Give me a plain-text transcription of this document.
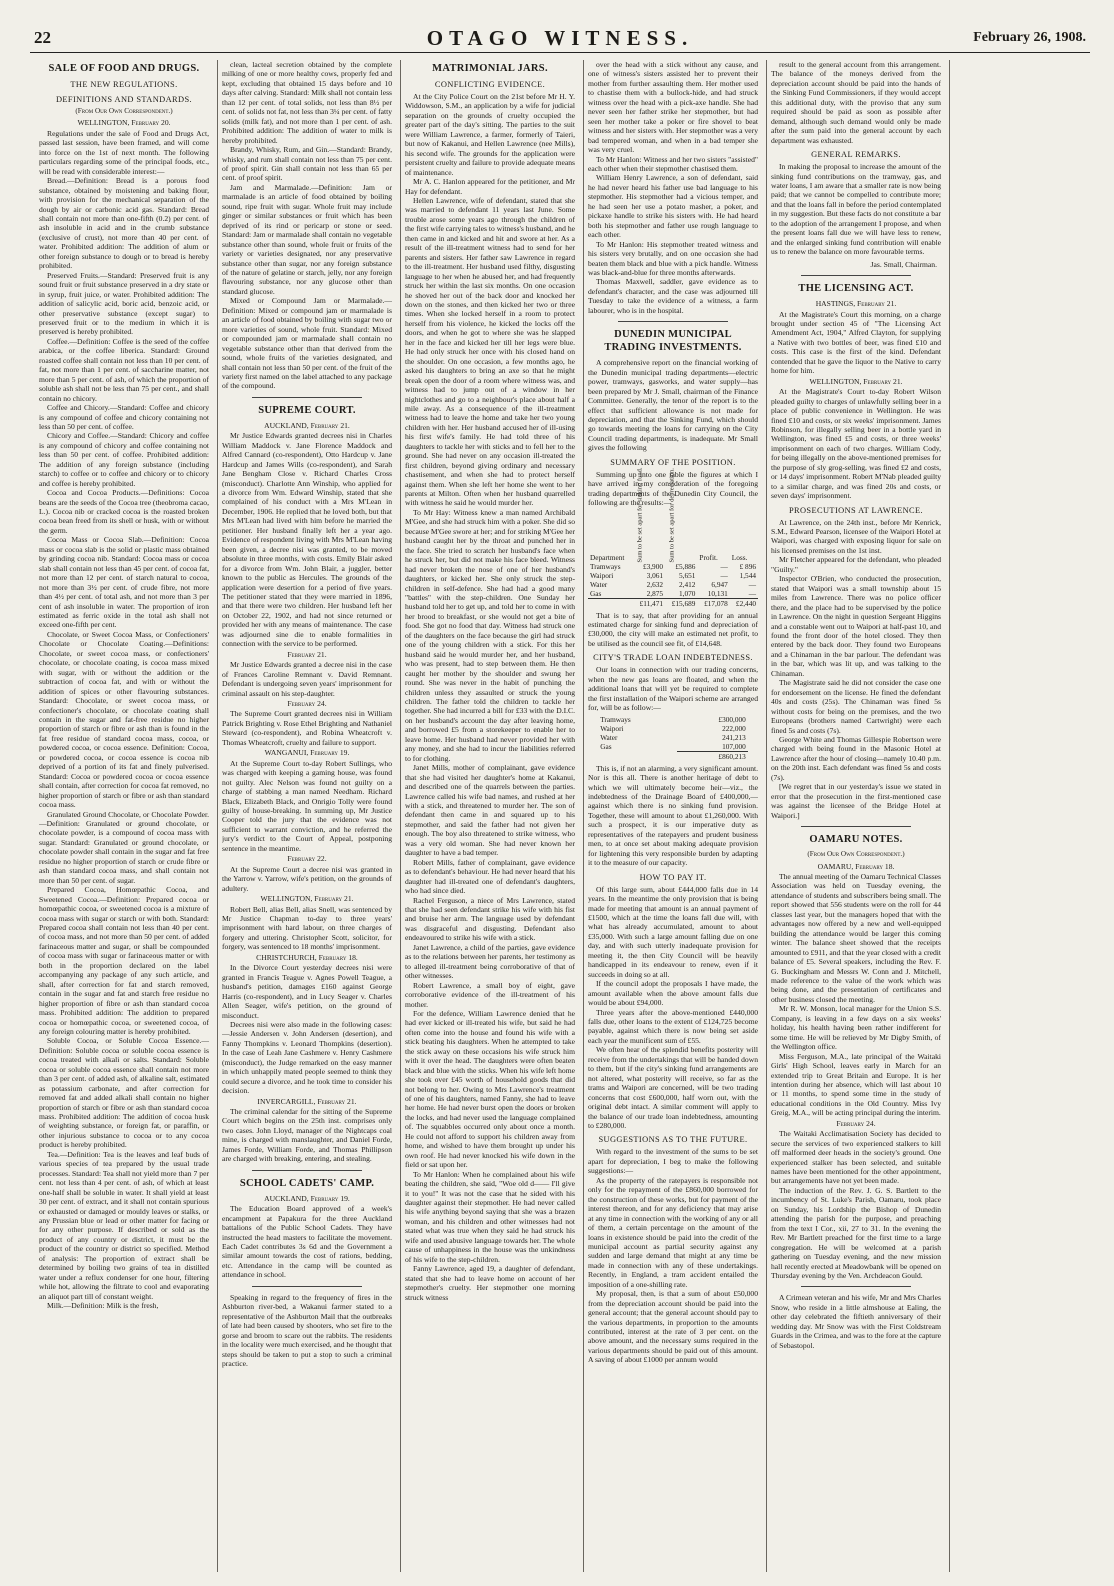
22	OTAGO WITNESS.	February 26, 1908.
SALE OF FOOD AND DRUGS.
THE NEW REGULATIONS.
DEFINITIONS AND STANDARDS.
(From Our Own Correspondent.)
WELLINGTON, February 20.

Regulations under the sale of Food and Drugs Act, passed last session, have been framed, and will come into force on the 1st of next month. The following particulars regarding some of the principal foods, etc., will be read with considerable interest:—

Bread.—Definition: Bread is a porous food substance, obtained by moistening and baking flour, with provision for the mechanical separation of the dough by air or carbonic acid gas. Standard: Bread shall contain not more than one-fifth (0.2) per cent. of ash insoluble in acid and in the crumb substance (exclusive of crust), not more than 40 per cent. of water. Prohibited addition: The addition of alum or other foreign substance to dough or to bread is hereby prohibited.

Preserved Fruits.—Standard: Preserved fruit is any sound fruit or fruit substance preserved in a dry state or in syrup, fruit juice, or water. Prohibited addition: The addition of salicylic acid, boric acid, benzoic acid, or other preservative substance (except sugar) to preserved fruit or to the medium in which it is preserved is hereby prohibited.

Coffee.—Definition: Coffee is the seed of the coffee arabica, or the coffee liberica. Standard: Ground roasted coffee shall contain not less than 10 per cent. of fat, not more than 1 per cent. of saccharine matter, not more than 5 per cent. of ash, of which the proportion of soluble ash shall not be less than 75 per cent., and shall contain no chicory.

Coffee and Chicory.—Standard: Coffee and chicory is any compound of coffee and chicory containing not less than 50 per cent. of coffee.

Chicory and Coffee.—Standard: Chicory and coffee is any compound of chicory and coffee containing not less than 50 per cent. of coffee. Prohibited addition: The addition of any foreign substance (including starch) to coffee or to coffee and chicory or to chicory and coffee is hereby prohibited.

Cocoa and Cocoa Products.—Definitions: Cocoa beans are the seeds of the Cocoa tree (theobroma cacao, L.). Cocoa nib or cracked cocoa is the roasted broken cocoa bean freed from its shell or husk, with or without the germ.

Cocoa Mass or Cocoa Slab.—Definition: Cocoa mass or cocoa slab is the solid or plastic mass obtained by grinding cocoa nib. Standard: Cocoa mass or cocoa slab shall contain not less than 45 per cent. of cocoa fat, not more than 12 per cent. of starch natural to cocoa, not more than 3½ per cent. of crude fibre, not more than 4½ per cent. of total ash, and not more than 3 per cent of ash insoluble in water. The proportion of iron estimated as ferric oxide in the total ash shall not exceed one-fifth per cent.

Chocolate, or Sweet Cocoa Mass, or Confectioners' Chocolate or Chocolate Coating.—Definitions: Chocolate, or sweet cocoa mass, or confectioners' chocolate, or chocolate coating, is cocoa mass mixed with sugar, with or without the addition or the subtraction of cocoa fat, and with or without the addition of spices or other flavouring substances. Standard: Chocolate, or sweet cocoa mass, or confectioner's chocolate, or chocolate coating shall contain in the sugar and fat-free residue no higher proportion of starch or fibre or ash than is found in the fat free residue of standard cocoa mass, cocoa, or powdered cocoa, or cocoa essence. Definition: Cocoa, or powdered cocoa, or cocoa essence is cocoa nib deprived of a portion of its fat and finely pulverised. Standard: Cocoa or powdered cocoa or cocoa essence shall contain, after correction for cocoa fat removed, no higher proportion of starch or fibre or ash than standard cocoa mass.

Granulated Ground Chocolate, or Chocolate Powder.—Definition: Granulated or ground chocolate, or chocolate powder, is a compound of cocoa mass with sugar. Standard: Granulated or ground chocolate, or chocolate powder shall contain in the sugar and fat free residue no higher proportion of starch or crude fibre or ash than standard cocoa mass, and shall contain not more than 50 per cent. of sugar.

Prepared Cocoa, Homœpathic Cocoa, and Sweetened Cocoa.—Definition: Prepared cocoa or homœpathic cocoa, or sweetened cocoa is a mixture of cocoa mass with sugar or starch or with both. Standard: Prepared cocoa shall contain not less than 40 per cent. of cocoa mass, and not more than 50 per cent. of added farinaceous matter and sugar, or shall be compounded of cocoa mass with sugar or farinaceous matter or with both in the proportion declared on the label accompanying any package of any such article, and shall, after correction for fat and starch removed, contain in the sugar and fat and starch free residue no higher proportion of fibre or ash than standard cocoa mass. Prohibited addition: The addition to prepared cocoa or homœpathic cocoa, or sweetened cocoa, of any foreign colouring matter is hereby prohibited.

Soluble Cocoa, or Soluble Cocoa Essence.—Definition: Soluble cocoa or soluble cocoa essence is cocoa treated with alkali or salts. Standard: Soluble cocoa or soluble cocoa essence shall contain not more than 3 per cent. of added ash, of alkaline salt, estimated as potassium carbonate, and after correction for removed fat and added alkali shall contain no higher proportion of starch or fibre or ash than standard cocoa mass. Prohibited addition: The addition of cocoa husk of weighting substance, or foreign fat, or paraffin, or other injurious substance to cocoa or to any cocoa product is hereby prohibited.

Tea.—Definition: Tea is the leaves and leaf buds of various species of tea prepared by the usual trade processes. Standard: Tea shall not yield more than 7 per cent. not less than 4 per cent. of ash, of which at least one-half shall be soluble in water. It shall yield at least 30 per cent. of extract, and it shall not contain spurious or exhausted or damaged or mouldy leaves or stalks, or any Prussian blue or lead or other matter for facing or for any other purpose. If described or sold as the product of any country or district, it must be the product of the country or district so specified. Method of analysis: The proportion of extract shall be determined by boiling two grains of tea in distilled water under a reflux condenser for one hour, filtering while hot, allowing the filtrate to cool and evaporating an aliquot part till of constant weight.

Milk.—Definition: Milk is the fresh,

clean, lacteal secretion obtained by the complete milking of one or more healthy cows, properly fed and kept, excluding that obtained 15 days before and 10 days after calving. Standard: Milk shall not contain less than 12 per cent. of total solids, not less than 8½ per cent. of solids not fat, not less than 3¼ per cent. of fatty solids (milk fat), and not more than 1 per cent. of ash. Prohibited addition: The addition of water to milk is hereby prohibited.

Brandy, Whisky, Rum, and Gin.—Standard: Brandy, whisky, and rum shall contain not less than 75 per cent. of proof spirit. Gin shall contain not less than 65 per cent. of proof spirit.

Jam and Marmalade.—Definition: Jam or marmalade is an article of food obtained by boiling sound, ripe fruit with sugar. Whole fruit may include ginger or similar substances or fruit which has been deprived of its rind or pericarp or stone or seed. Standard: Jam or marmalade shall contain no vegetable substance other than sound, whole fruit or fruits of the variety or varieties designated, nor any preservative substance other than sugar, nor any foreign substance of the nature of gelatine or starch, jelly, nor any foreign flavouring substance, nor any glucose other than standard glucose.

Mixed or Compound Jam or Marmalade.—Definition: Mixed or compound jam or marmalade is an article of food obtained by boiling with sugar two or more varieties of sound, whole fruit. Standard: Mixed or compounded jam or marmalade shall contain no vegetable substance other than that derived from the sound, whole fruits of the varieties designated, and shall contain not less than 50 per cent. of the fruit of the variety first named on the label attached to any package of the compound.

SUPREME COURT.
AUCKLAND, February 21.

Mr Justice Edwards granted decrees nisi in Charles William Maddock v. Jane Florence Maddock and Alfred Cannard (co-respondent), Otto Hardcup v. Jane Hardcup and James Wills (co-respondent), and Sarah Jane Bengham Close v. Richard Charles Cross (misconduct). Charlotte Ann Winship, who applied for a divorce from Wm. Edward Winship, stated that she complained of his conduct with a Mrs M'Lean in December, 1906. He replied that he loved both, but that Mrs M'Lean had lived with him before he married the petitioner. Her husband finally left her a year ago. Evidence of respondent living with Mrs M'Lean having been given, a decree nisi was granted, to be moved absolute in three months, with costs. Emily Blair asked for a divorce from Wm. John Blair, a juggler, better known to the public as Hercules. The grounds of the application were desertion for a period of five years. The petitioner stated that they were married in 1896, and that there were two children. Her husband left her on October 22, 1902, and had not since returned or provided her with any means of maintenance. The case was adjourned sine die to enable formalities in connection with the service to be performed.

February 21.

Mr Justice Edwards granted a decree nisi in the case of Frances Caroline Remnant v. David Remnant. Defendant is undergoing seven years' imprisonment for criminal assault on his step-daughter.

February 24.

The Supreme Court granted decrees nisi in William Patrick Brighting v. Rose Ethel Brighting and Nathaniel Steward (co-respondent), and Robina Wheatcroft v. Thomas Wheatcroft, cruelty and failure to support.

WANGANUI, February 19.

At the Supreme Court to-day Robert Sullings, who was charged with keeping a gaming house, was found not guilty. Alec Nelson was found not guilty on a charge of stabbing a man named Needham. Richard Black, Elizabeth Black, and Onrigio Tolly were found guilty of house-breaking. In summing up, Mr Justice Cooper told the jury that the evidence was not sufficient to warrant conviction, and he referred the jury's verdict to the Court of Appeal, postponing sentence in the meantime.

February 22.

At the Supreme Court a decree nisi was granted in the Yarrow v. Yarrow, wife's petition, on the grounds of adultery.

WELLINGTON, February 21.

Robert Bell, alias Bell, alias Snell, was sentenced by Mr Justice Chapman to-day to three years' imprisonment with hard labour, on three charges of forgery and uttering. Christopher Scott, solicitor, for forgery, was sentenced to 18 months' imprisonment.

CHRISTCHURCH, February 18.

In the Divorce Court yesterday decrees nisi were granted in Francis Teague v. Agnes Powell Teague, a husband's petition, damages £160 against George Harris (co-respondent), and in Lucy Seager v. Charles Allen Seager, wife's petition, on the ground of misconduct.

Decrees nisi were also made in the following cases:—Jessie Andersen v. John Andersen (desertion), and Fanny Thompkins v. Leonard Thompkins (desertion). In the case of Leah Jane Cashmere v. Henry Cashmere (misconduct), the Judge remarked on the easy manner in which unhappily mated people seemed to think they could secure a divorce, and he took time to consider his decision.

INVERCARGILL, February 21.

The criminal calendar for the sitting of the Supreme Court which begins on the 25th inst. comprises only two cases. John Lloyd, manager of the Nightcaps coal mine, is charged with manslaughter, and Daniel Forde, James Forde, William Forde, and Thomas Phillipson are charged with breaking, entering, and stealing.

SCHOOL CADETS' CAMP.
AUCKLAND, February 19.

The Education Board approved of a week's encampment at Papakura for the three Auckland battalions of the Public School Cadets. They have instructed the head masters to facilitate the movement. Each Cadet contributes 3s 6d and the Government a similar amount towards the cost of rations, bedding, etc. Attendance in the camp will be counted as attendance in school.

Speaking in regard to the frequency of fires in the Ashburton river-bed, a Wakanui farmer stated to a representative of the Ashburton Mail that the outbreaks of late had been caused by shooters, who set fire to the gorse and broom to scare out the rabbits. The residents in the locality were much exercised, and he thought that steps should be taken to put a stop to such a criminal practice.

MATRIMONIAL JARS.
CONFLICTING EVIDENCE.

At the City Police Court on the 21st before Mr H. Y. Widdowson, S.M., an application by a wife for judicial separation on the grounds of cruelty occupied the greater part of the day's sitting. The parties to the suit were William Lawrence, a farmer, formerly of Taieri, but now of Kakanui, and Hellen Lawrence (nee Mills), his second wife. The grounds for the application were persistent cruelty and failure to provide adequate means of maintenance.

Mr A. C. Hanlon appeared for the petitioner, and Mr Hay for defendant.

Hellen Lawrence, wife of defendant, stated that she was married to defendant 11 years last June. Some trouble arose some years ago through the children of the first wife carrying tales to witness's husband, and he then came in and kicked and hit and swore at her. As a result of the ill-treatment witness had to send for her parents and sisters. Her father saw Lawrence in regard to the ill-treatment. Her husband used filthy, disgusting language to her when he abused her, and had frequently struck her within the last six months. On one occasion he shoved her out of the back door and knocked her down on the stones, and then kicked her two or three times. When she locked herself in a room to protect herself from his violence, he kicked the locks off the doors, and when he got to where she was he slapped her in the face and kicked her till her legs were blue. He had only struck her once with his closed hand on the shoulder. On one occasion, a few months ago, he asked his daughters to bring an axe so that he might break open the door of a room where witness was, and witness had to jump out of a window in her nightclothes and go to a neighbour's place about half a mile away. As a consequence of the ill-treatment witness had to leave the home and take her two young children with her. Her husband accused her of ill-using his first wife's family. He had told three of his daughters to tackle her with sticks and to fell her to the ground. She had never on any occasion ill-treated the first children, beyond giving ordinary and necessary chastisement, and when she had to protect herself against them. When she left her home she went to her parents at Milton. Often when her husband quarrelled with witness he said he would murder her.

To Mr Hay: Witness knew a man named Archibald M'Gee, and she had struck him with a poker. She did so because M'Gee swore at her; and for striking M'Gee her husband caught her by the throat and punched her in the face. She tried to scratch her husband's face when he struck her, but did not make his face bleed. Witness had never broken the nose of one of her husband's daughters, or kicked her. She only struck the step-children in self-defence. She had had a good many "battles" with the step-children. One Sunday her husband told her to get up, and told her to come in with her brood to breakfast, or she would not get a bite of food. She got no food that day. Witness had struck one of the daughters on the face because the girl had struck one of the young children with a stick. For this her husband said he would murder her, and her husband, who was present, had to step between them. He then caught her mother by the shoulder and swung her round. She was never in the habit of punching the children unless they assaulted or struck the young children. The father told the children to tackle her together. She had incurred a bill for £33 with the D.I.C. on her husband's account the day after leaving home, and borrowed £5 from a storekeeper to enable her to leave home. Her husband had never provided her with any money, and she had to incur the liabilities referred to for clothing.

Janet Mills, mother of complainant, gave evidence that she had visited her daughter's home at Kakanui, and described one of the quarrels between the parties. Lawrence called his wife bad names, and rushed at her with a stick, and threatened to murder her. The son of defendant then came in and squared up to his stepmother, and said the father had not given her enough. The boy also threatened to strike witness, who was a very old woman. She had never known her daughter to have a bad temper.

Robert Mills, father of complainant, gave evidence as to defendant's behaviour. He had never heard that his daughter had ill-treated one of defendant's daughters, who had since died.

Rachel Ferguson, a niece of Mrs Lawrence, stated that she had seen defendant strike his wife with his fist and bruise her arm. The language used by defendant was disgraceful and disgusting. Defendant also endeavoured to strike his wife with a stick.

Janet Lawrence, a child of the parties, gave evidence as to the relations between her parents, her testimony as to alleged ill-treatment being corroborative of that of other witnesses.

Robert Lawrence, a small boy of eight, gave corroborative evidence of the ill-treatment of his mother.

For the defence, William Lawrence denied that he had ever kicked or ill-treated his wife, but said he had often come into the house and found his wife with a stick beating his daughters. When he attempted to take the stick away on these occasions his wife struck him with it over the head. The daughters were often beaten black and blue with the sticks. When his wife left home she took over £45 worth of household goods that did not belong to her. Owing to Mrs Lawrence's treatment of one of his daughters, named Fanny, she had to leave her home. He had never burst open the doors or broken the locks, and had never used the language complained of. The squabbles occurred only about once a month. He could not afford to support his children away from home, and wished to have them brought up under his own roof. He had never knocked his wife down in the field or sat upon her.

To Mr Hanlon: When he complained about his wife beating the children, she said, "Woe old d—— I'll give it to you!" It was not the case that he sided with his daughter against their stepmother. He had never called his wife anything beyond saying that she was a brazen woman, and his children and other witnesses had not stated what was true when they said he had struck his wife and used abusive language towards her. The whole cause of unhappiness in the house was the unkindness of his wife to the step-children.

Fanny Lawrence, aged 19, a daughter of defendant, stated that she had to leave home on account of her stepmother's cruelty. Her stepmother one morning struck witness

over the head with a stick without any cause, and one of witness's sisters assisted her to prevent their mother from further assaulting them. Her mother used to chastise them with a bullock-hide, and had struck witness over the head with a pick-axe handle. She had never seen her father strike her stepmother, but had seen her mother take a poker or fire shovel to beat witness and her sisters with. Her stepmother was a very bad tempered woman, and when in a bad temper she was very cruel.

To Mr Hanlon: Witness and her two sisters "assisted" each other when their stepmother chastised them.

William Henry Lawrence, a son of defendant, said he had never heard his father use bad language to his stepmother. His stepmother had a vicious temper, and he had seen her use a potato masher, a poker, and pickaxe handle to strike his sisters with. He had heard both his stepmother and father use rough language to each other.

To Mr Hanlon: His stepmother treated witness and his sisters very brutally, and on one occasion she had beaten them black and blue with a pick handle. Witness was black-and-blue for three months afterwards.

Thomas Maxwell, saddler, gave evidence as to defendant's character, and the case was adjourned till Tuesday to take the evidence of a witness, a farm labourer, who is in the hospital.

DUNEDIN MUNICIPAL TRADING INVESTMENTS.

A comprehensive report on the financial working of the Dunedin municipal trading departments—electric power, tramways, gasworks, and water supply—has been prepared by Mr J. Small, chairman of the Finance Committee. Generally, the tenor of the report is to the effect that sufficient allowance is not made for depreciation, and that the Sinking Fund, which should go towards meeting the loans for carrying on the City Council trading departments, is inadequate. Mr Small gives the following

SUMMARY OF THE POSITION.

Summing up into one table the figures at which I have arrived in my consideration of the foregoing trading departments of the Dunedin City Council, the following are the results:—

Department	Sum to be set apart for sinking fund.	Sum to be set apart for depreciation.	Profit.	Loss.
Tramways	£3,900	£5,886	—	£ 896
Waipori	3,061	5,651	—	1,544
Water	2,632	2,412	6,947	—
Gas	2,875	1,070	10,131	—
	£11,471	£15,689	£17,078	£2,440

That is to say, that after providing for an annual estimated charge for sinking fund and depreciation of £30,000, the city will make an estimated net profit, to be utilised as the council see fit, of £14,648.

CITY'S TRADE LOAN INDEBTEDNESS.

Our loans in connection with our trading concerns, when the new gas loans are floated, and when the additional loans that will yet be required to complete the first installation of the Waipori scheme are arranged for, will be as follow:—

Tramways	£300,000
Waipori	222,000
Water	241,213
Gas	107,000
	£860,213

This is, if not an alarming, a very significant amount. Nor is this all. There is another heritage of debt to which we will ultimately become heir—viz., the indebtedness of the Drainage Board of £400,000,—against which there is no sinking fund provision. Together, these will amount to about £1,260,000. With such a prospect, it is our imperative duty as representatives of the ratepayers and prudent business men, to at once set about making adequate provision for lightening this very responsible burden by adapting it to the measure of our capacity.

HOW TO PAY IT.

Of this large sum, about £444,000 falls due in 14 years. In the meantime the only provision that is being made for meeting that amount is an annual payment of £1500, which at the time the loans fall due will, with what has already accumulated, amount to about £35,000. With such a large amount falling due on one day, and with such utterly inadequate provision for meeting it, the then City Council will be heavily handicapped in its endeavour to renew, even if it succeeds in doing so at all.

If the council adopt the proposals I have made, the amount available when the above amount falls due would be about £94,000.

Three years after the above-mentioned £440,000 falls due, other loans to the extent of £124,725 become payable, against which there is now being set aside each year the munificent sum of £55.

We often hear of the splendid benefits posterity will receive from the undertakings that will be handed down to them, but if the city's sinking fund arrangements are not altered, what posterity will receive, so far as the trams and Waipori are concerned, will be two trading concerns that cost £600,000, half worn out, with the original debt intact. A similar comment will apply to the balance of our trade loan indebtedness, amounting to £280,000.

SUGGESTIONS AS TO THE FUTURE.

With regard to the investment of the sums to be set apart for depreciation, I beg to make the following suggestions:—

As the property of the ratepayers is responsible not only for the repayment of the £860,000 borrowed for the construction of these works, but for payment of the interest thereon, and for any deficiency that may arise at any time in connection with the working of any or all of them, a certain percentage on the amount of the loans in existence should be paid into the credit of the municipal account as partial security against any sudden and large demand that might at any time be made in connection with any of these undertakings. Recently, in England, a tram accident entailed the imposition of a one-shilling rate.

My proposal, then, is that a sum of about £50,000 from the depreciation account should be paid into the general account; that the general account should pay to the various departments, in proportion to the amounts contributed, interest at the rate of 3 per cent. on the above amount, and the necessary sums required in the various departments should be paid out of this amount. A saving of about £1000 per annum would

result to the general account from this arrangement. The balance of the moneys derived from the depreciation account should be paid into the hands of the Sinking Fund Commissioners, if they would accept this additional duty, with the proviso that any sum required should be paid as soon as possible after demand, although such demand would only be made after the sum paid into the general account by each department was exhausted.

GENERAL REMARKS.

In making the proposal to increase the amount of the sinking fund contributions on the tramway, gas, and water loans, I am aware that a smaller rate is now being paid; that we cannot be compelled to contribute more; and that the loans fall in before the period contemplated in my suggestion. But these facts do not constitute a bar to the adoption of the arrangement I propose, and when the present loans fall due we will have less to renew, and the enlarged sinking fund contribution will enable us to renew the balance on more favourable terms.

Jas. Small, Chairman.
THE LICENSING ACT.
HASTINGS, February 21.

At the Magistrate's Court this morning, on a charge brought under section 45 of "The Licensing Act Amendment Act, 1904," Alfred Clayton, for supplying a Native with two bottles of beer, was fined £10 and costs. This case is the first of the kind. Defendant contended that he gave the liquor to the Native to carry home for him.

WELLINGTON, February 21.

At the Magistrate's Court to-day Robert Wilson pleaded guilty to charges of unlawfully selling beer in a place of public convenience in Wellington. He was fined £10 and costs, or six weeks' imprisonment. James Robinson, for illegally selling beer in a bottle yard in Wellington, was fined £5 and costs, or three weeks' imprisonment on each of two charges. William Cody, for being illegally on the above-mentioned premises for the purpose of sly grog-selling, was fined £2 and costs, or 14 days' imprisonment. Robert M'Nab pleaded guilty to a similar charge, and was fined 20s and costs, or seven days' imprisonment.

PROSECUTIONS AT LAWRENCE.

At Lawrence, on the 24th inst., before Mr Kenrick, S.M., Edward Pearson, licensee of the Waipori Hotel at Waipori, was charged with exposing liquor for sale on his licensed premises on the 1st inst.

Mr Fletcher appeared for the defendant, who pleaded "Guilty."

Inspector O'Brien, who conducted the prosecution, stated that Waipori was a small township about 15 miles from Lawrence. There was no police officer there, and the place had to be supervised by the police in Lawrence. On the night in question Sergeant Higgins and a constable went out to Waipori at half-past 10, and found the front door of the hotel closed. They then entered by the back door. They found two Europeans and a Chinaman in the bar parlour. The defendant was in the bar, which was lit up, and was talking to the Chinaman.

The Magistrate said he did not consider the case one for endorsement on the license. He fined the defendant 40s and costs (25s). The Chinaman was fined 5s without costs for being on the premises, and the two Europeans (brothers named Cartwright) were each fined 5s and costs (7s).

George White and Thomas Gillespie Robertson were charged with being found in the Masonic Hotel at Lawrence after the hour of closing—namely 10.40 p.m. on the 20th inst. Each defendant was fined 5s and costs (7s).

[We regret that in our yesterday's issue we stated in error that the prosecution in the first-mentioned case was against the licensee of the Bridge Hotel at Waipori.]

OAMARU NOTES.
(From Our Own Correspondent.)
OAMARU, February 18.

The annual meeting of the Oamaru Technical Classes Association was held on Tuesday evening, the attendance of students and subscribers being small. The report showed that 556 students were on the roll for 44 classes last year, but the managers hoped that with the advantages now offered by a new and well-equipped building the attendance would be larger this coming winter. The balance sheet showed that the receipts amounted to £911, and that the year closed with a credit balance of £5. Several speakers, including the Rev. F. G. Buckingham and Messrs W. Conn and J. Mitchell, made reference to the value of the work which was being done, and the presentation of certificates and other business closed the meeting.

Mr R. W. Monson, local manager for the Union S.S. Company, is leaving in a few days on a six weeks' holiday, his health having been rather indifferent for some time. He will be relieved by Mr Digby Smith, of the Wellington office.

Miss Ferguson, M.A., late principal of the Waitaki Girls' High School, leaves early in March for an extended trip to Great Britain and Europe. It is her intention during her absence, which will last about 10 or 11 months, to spend some time in the study of educational conditions in the Old Country. Miss Ivy Greig, M.A., will be acting principal during the interim.

February 24.

The Waitaki Acclimatisation Society has decided to secure the services of two experienced stalkers to kill off malformed deer heads in the society's ground. One experienced stalker has been selected, and suitable names have been mentioned for the other appointment, but arrangements have not yet been made.

The induction of the Rev. J. G. S. Bartlett to the incumbency of St. Luke's Parish, Oamaru, took place on Sunday, his Lordship the Bishop of Dunedin attending the parish for the purpose, and preaching from the text I Cor., xii, 27 to 31. In the evening the Rev. Mr Bartlett preached for the first time to a large congregation. He will be welcomed at a parish gathering on Tuesday evening, and the new mission hall recently erected at Meadowbank will be opened on Thursday evening by the Ven. Archdeacon Gould.

A Crimean veteran and his wife, Mr and Mrs Charles Snow, who reside in a little almshouse at Ealing, the other day celebrated the fiftieth anniversary of their wedding day. Mr Snow was with the First Coldstream Guards in the Crimea, and was to the fore at the capture of Sebastopol.
